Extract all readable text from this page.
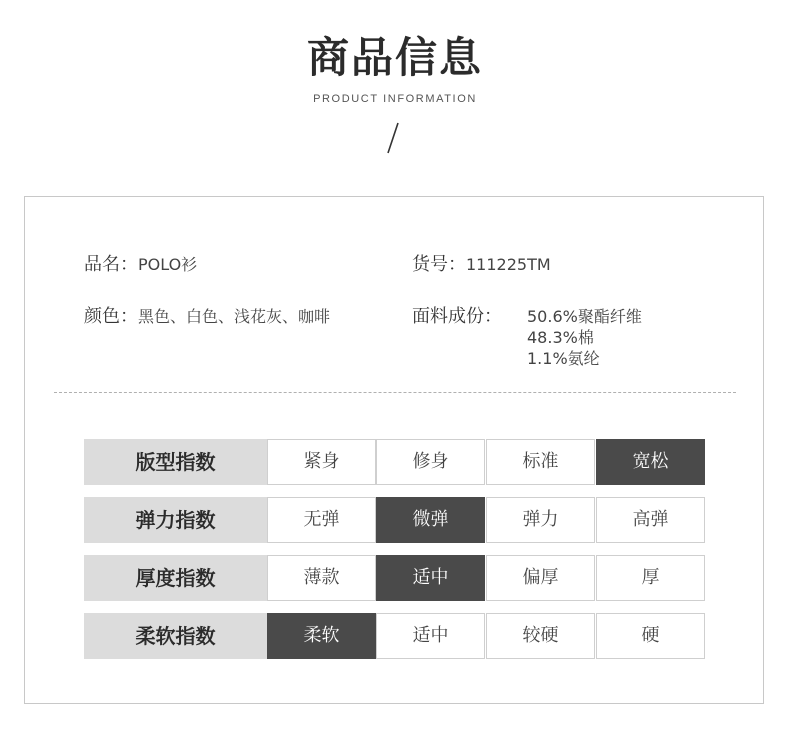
商品信息
PRODUCT INFORMATION
品名：POLO衫	货号：111225TM
颜色：黑色、白色、浅花灰、咖啡	面料成份： 50.6%聚酯纤维
48.3%棉
1.1%氨纶
版型指数	紧身	修身	标准	宽松
弹力指数	无弹	微弹	弹力	高弹
厚度指数	薄款	适中	偏厚	厚
柔软指数	柔软	适中	较硬	硬
